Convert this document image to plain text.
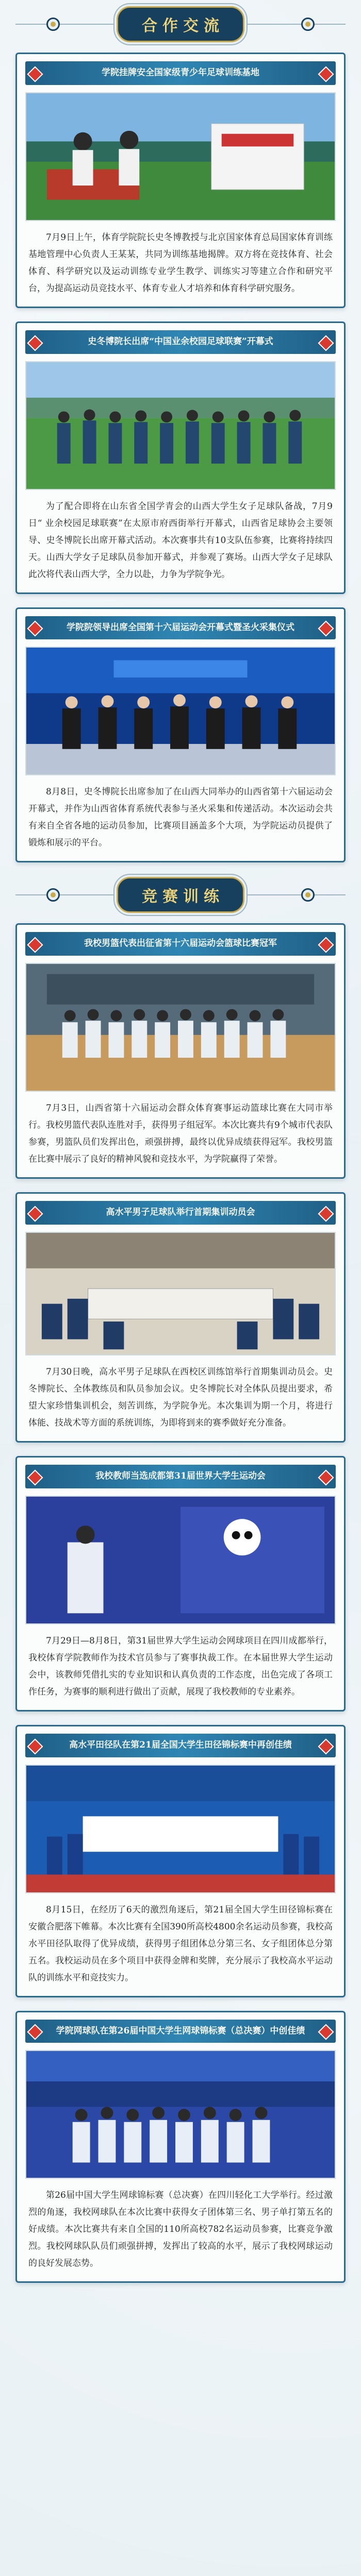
合作交流
学院挂牌安全国家级青少年足球训练基地
7月9日上午，体育学院院长史冬博教授与北京国家体育总局国家体育训练基地管理中心负责人王某某，共同为训练基地揭牌。双方将在竞技体育、社会体育、科学研究以及运动训练专业学生教学、训练实习等建立合作和研究平台，为提高运动员竞技水平、体育专业人才培养和体育科学研究服务。
史冬博院长出席“中国业余校园足球联赛”开幕式
为了配合即将在山东省全国学青会的山西大学生女子足球队备战，7月9日“ 业余校园足球联赛”在太原市府西街举行开幕式，山西省足球协会主要领导、史冬博院长出席开幕式活动。本次赛事共有10支队伍参赛，比赛将持续四天。山西大学女子足球队员参加开幕式，并参观了赛场。山西大学女子足球队此次将代表山西大学，全力以赴，力争为学院争光。
学院院领导出席全国第十六届运动会开幕式暨圣火采集仪式
8月8日，史冬博院长出席参加了在山西大同举办的山西省第十六届运动会开幕式，并作为山西省体育系统代表参与圣火采集和传递活动。本次运动会共有来自全省各地的运动员参加，比赛项目涵盖多个大项，为学院运动员提供了锻炼和展示的平台。
竞赛训练
我校男篮代表出征省第十六届运动会篮球比赛冠军
7月3日，山西省第十六届运动会群众体育赛事运动篮球比赛在大同市举行。我校男篮代表队连胜对手，获得男子组冠军。本次比赛共有9个城市代表队参赛，男篮队员们发挥出色，顽强拼搏，最终以优异成绩获得冠军。我校男篮在比赛中展示了良好的精神风貌和竞技水平，为学院赢得了荣誉。
高水平男子足球队举行首期集训动员会
7月30日晚，高水平男子足球队在西校区训练馆举行首期集训动员会。史冬博院长、全体教练员和队员参加会议。史冬博院长对全体队员提出要求，希望大家珍惜集训机会，刻苦训练，为学院争光。本次集训为期一个月，将进行体能、技战术等方面的系统训练，为即将到来的赛季做好充分准备。
我校教师当选成都第31届世界大学生运动会
7月29日—8月8日，第31届世界大学生运动会网球项目在四川成都举行，我校体育学院教师作为技术官员参与了赛事执裁工作。在本届世界大学生运动会中，该教师凭借扎实的专业知识和认真负责的工作态度，出色完成了各项工作任务，为赛事的顺利进行做出了贡献，展现了我校教师的专业素养。
高水平田径队在第21届全国大学生田径锦标赛中再创佳绩
8月15日，在经历了6天的激烈角逐后，第21届全国大学生田径锦标赛在安徽合肥落下帷幕。本次比赛有全国390所高校4800余名运动员参赛，我校高水平田径队取得了优异成绩，获得男子组团体总分第三名、女子组团体总分第五名。我校运动员在多个项目中获得金牌和奖牌，充分展示了我校高水平运动队的训练水平和竞技实力。
学院网球队在第26届中国大学生网球锦标赛（总决赛）中创佳绩
第26届中国大学生网球锦标赛（总决赛）在四川轻化工大学举行。经过激烈的角逐，我校网球队在本次比赛中获得女子团体第三名、男子单打第五名的好成绩。本次比赛共有来自全国的110所高校782名运动员参赛，比赛竞争激烈。我校网球队队员们顽强拼搏，发挥出了较高的水平，展示了我校网球运动的良好发展态势。
